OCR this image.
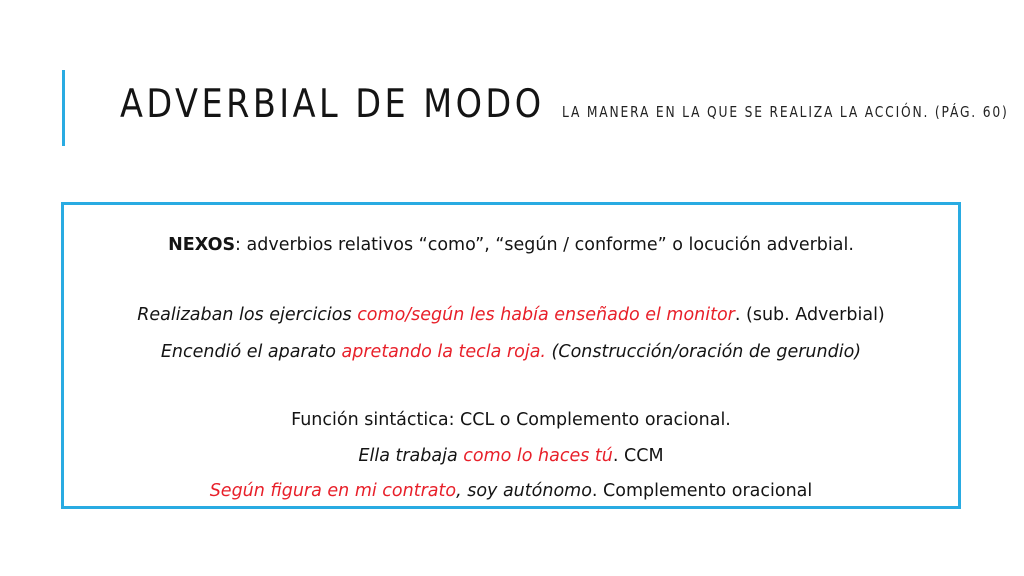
ADVERBIAL DE MODO LA MANERA EN LA QUE SE REALIZA LA ACCIÓN. (PÁG. 60)
NEXOS: adverbios relativos “como”, “según / conforme” o locución adverbial.
Realizaban los ejercicios como/según les había enseñado el monitor. (sub. Adverbial)
Encendió el aparato apretando la tecla roja. (Construcción/oración de gerundio)
Función sintáctica: CCL o Complemento oracional.
Ella trabaja como lo haces tú. CCM
Según figura en mi contrato, soy autónomo. Complemento oracional
